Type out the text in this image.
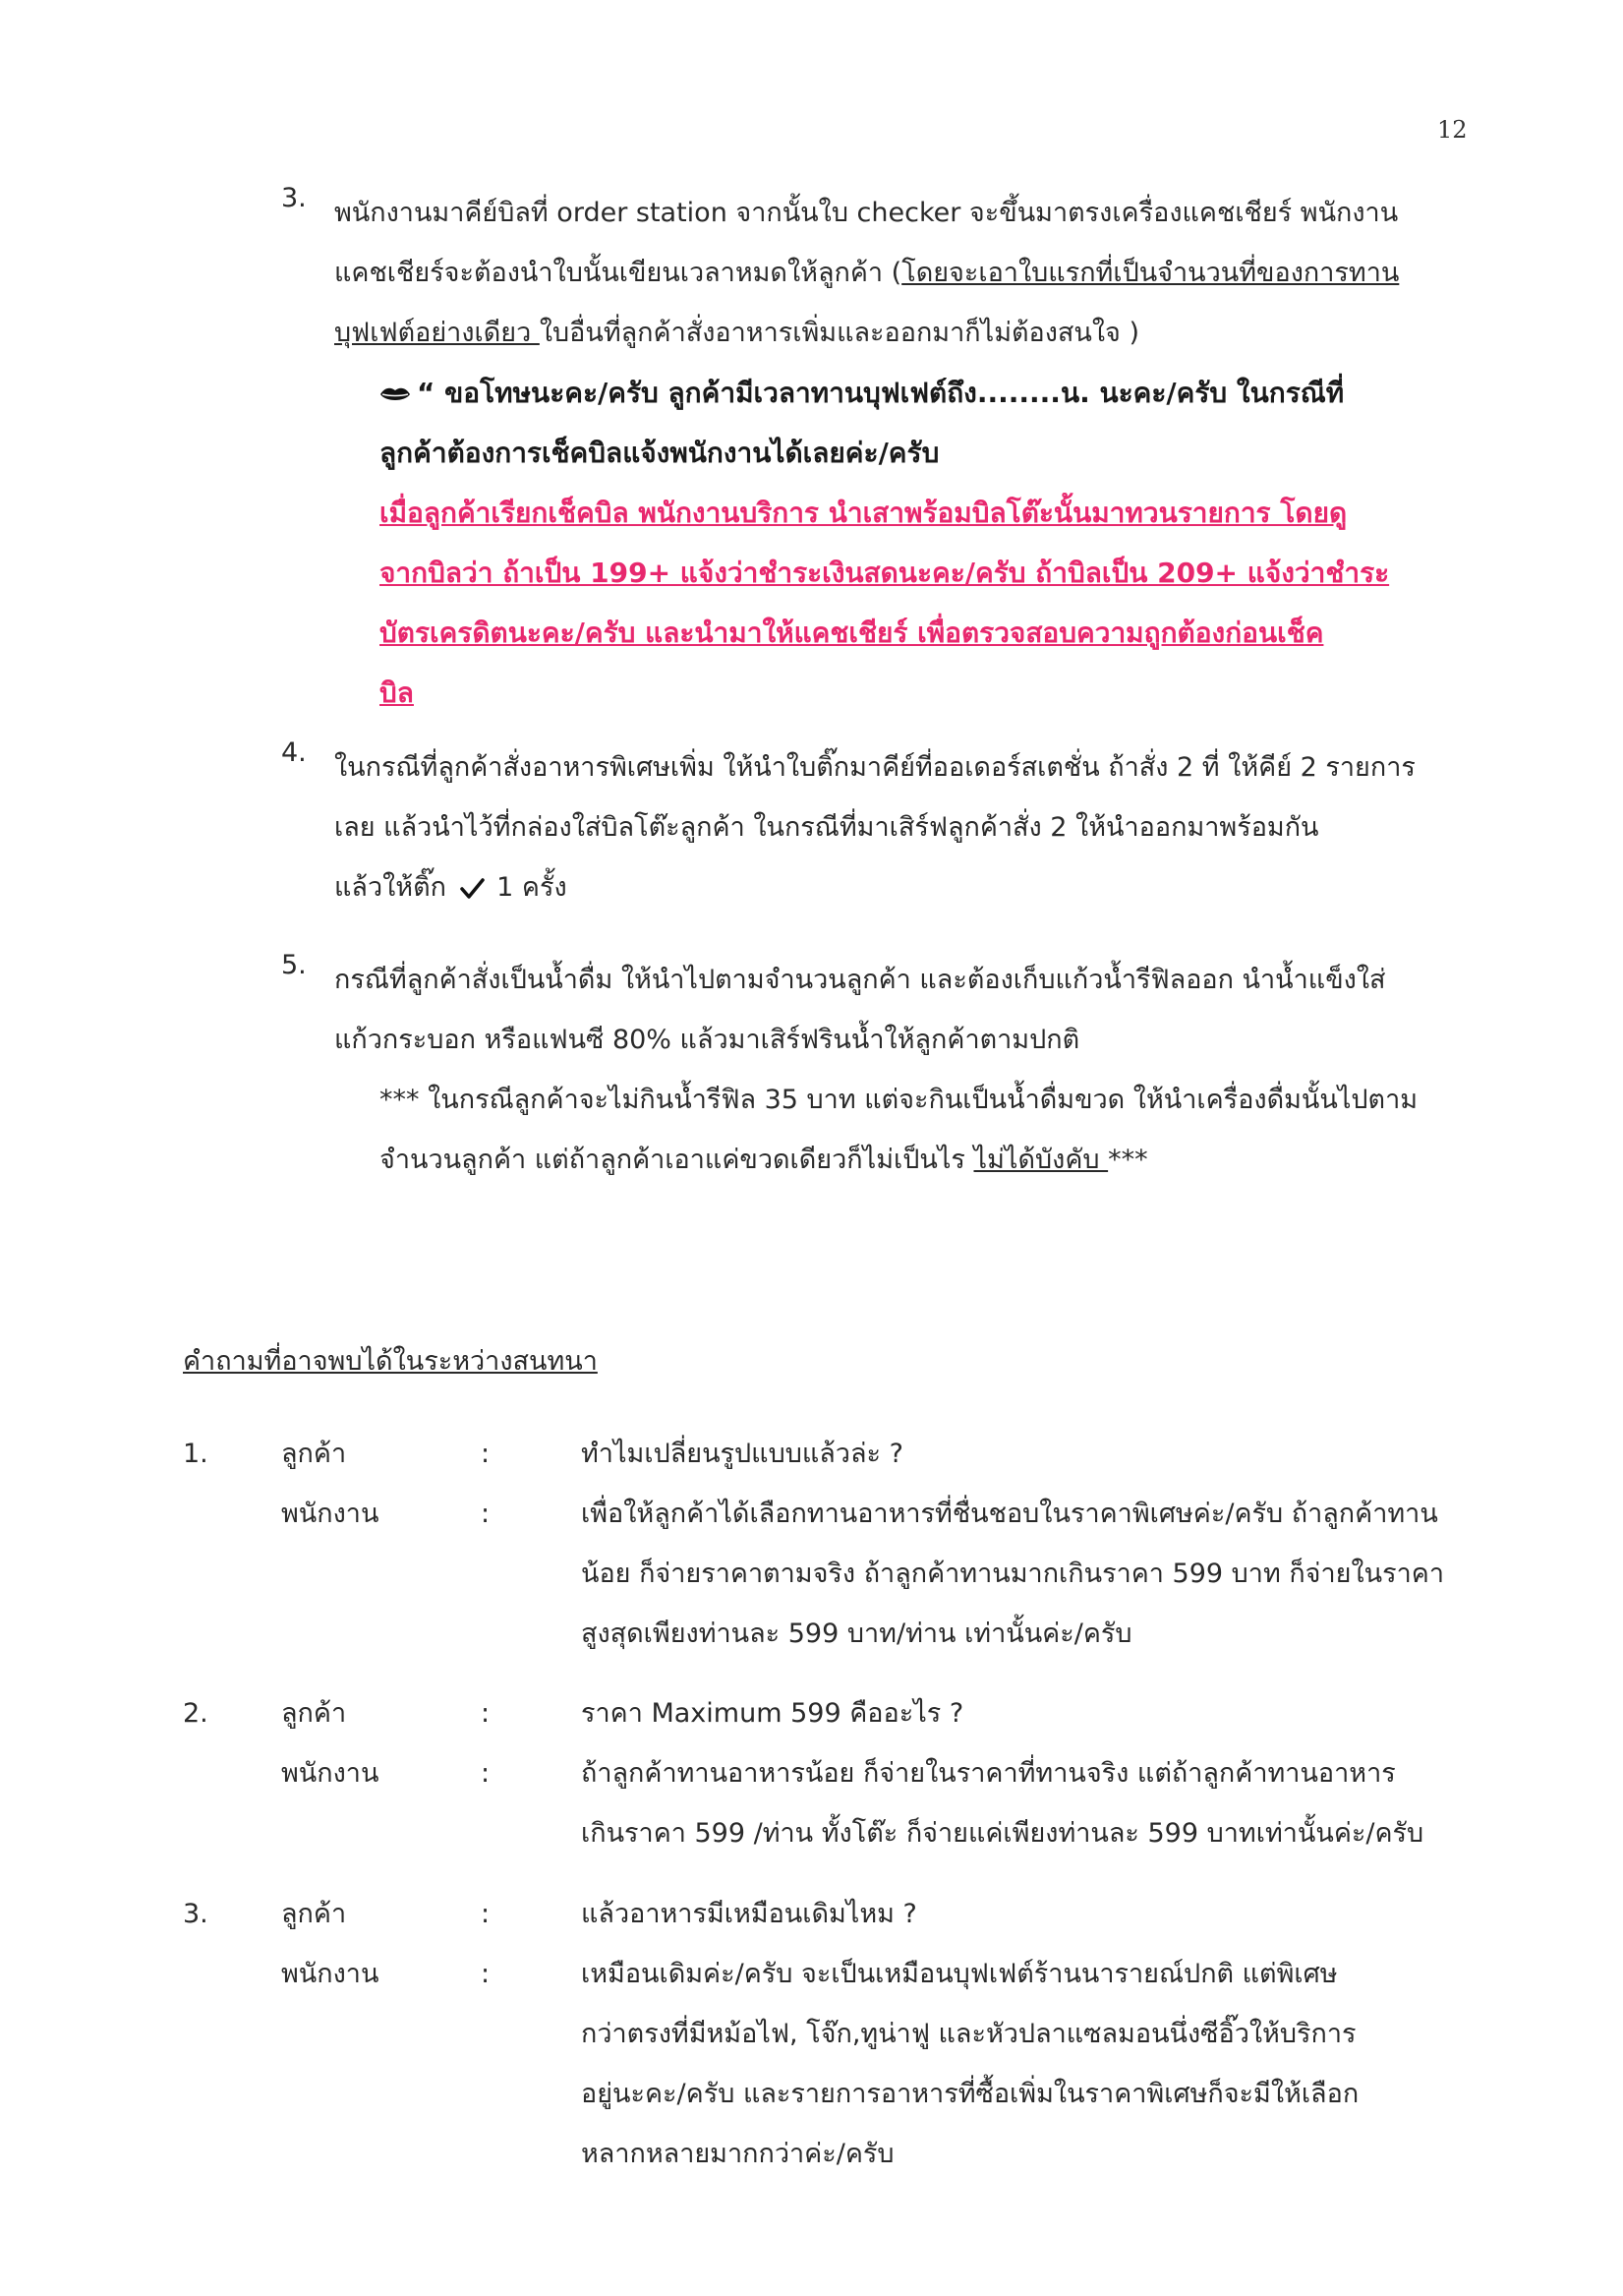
12
3. พนักงานมาคีย์บิลที่ order station จากนั้นใบ checker จะขึ้นมาตรงเครื่องแคชเชียร์ พนักงาน
แคชเชียร์จะต้องนำใบนั้นเขียนเวลาหมดให้ลูกค้า (โดยจะเอาใบแรกที่เป็นจำนวนที่ของการทาน
บุฟเฟต์อย่างเดียว ใบอื่นที่ลูกค้าสั่งอาหารเพิ่มและออกมาก็ไม่ต้องสนใจ )
“ ขอโทษนะคะ/ครับ ลูกค้ามีเวลาทานบุฟเฟต์ถึง........น. นะคะ/ครับ ในกรณีที่
ลูกค้าต้องการเช็คบิลแจ้งพนักงานได้เลยค่ะ/ครับ
เมื่อลูกค้าเรียกเช็คบิล พนักงานบริการ นำเสาพร้อมบิลโต๊ะนั้นมาทวนรายการ โดยดู
จากบิลว่า ถ้าเป็น 199+ แจ้งว่าชำระเงินสดนะคะ/ครับ ถ้าบิลเป็น 209+ แจ้งว่าชำระ
บัตรเครดิตนะคะ/ครับ และนำมาให้แคชเชียร์ เพื่อตรวจสอบความถูกต้องก่อนเช็ค
บิล
4. ในกรณีที่ลูกค้าสั่งอาหารพิเศษเพิ่ม ให้นำใบติ๊กมาคีย์ที่ออเดอร์สเตชั่น ถ้าสั่ง 2 ที่ ให้คีย์ 2 รายการ
เลย แล้วนำไว้ที่กล่องใส่บิลโต๊ะลูกค้า ในกรณีที่มาเสิร์ฟลูกค้าสั่ง 2 ให้นำออกมาพร้อมกัน
แล้วให้ติ๊ก 1 ครั้ง
5. กรณีที่ลูกค้าสั่งเป็นน้ำดื่ม ให้นำไปตามจำนวนลูกค้า และต้องเก็บแก้วน้ำรีฟิลออก นำน้ำแข็งใส่
แก้วกระบอก หรือแฟนซี 80% แล้วมาเสิร์ฟรินน้ำให้ลูกค้าตามปกติ
*** ในกรณีลูกค้าจะไม่กินน้ำรีฟิล 35 บาท แต่จะกินเป็นน้ำดื่มขวด ให้นำเครื่องดื่มนั้นไปตาม
จำนวนลูกค้า แต่ถ้าลูกค้าเอาแค่ขวดเดียวก็ไม่เป็นไร ไม่ได้บังคับ ***
คำถามที่อาจพบได้ในระหว่างสนทนา
1.	ลูกค้า	:	ทำไมเปลี่ยนรูปแบบแล้วล่ะ ?
พนักงาน	:	เพื่อให้ลูกค้าได้เลือกทานอาหารที่ชื่นชอบในราคาพิเศษค่ะ/ครับ ถ้าลูกค้าทาน
น้อย ก็จ่ายราคาตามจริง ถ้าลูกค้าทานมากเกินราคา 599 บาท ก็จ่ายในราคา
สูงสุดเพียงท่านละ 599 บาท/ท่าน เท่านั้นค่ะ/ครับ
2.	ลูกค้า	:	ราคา Maximum 599 คืออะไร ?
พนักงาน	:	ถ้าลูกค้าทานอาหารน้อย ก็จ่ายในราคาที่ทานจริง แต่ถ้าลูกค้าทานอาหาร
เกินราคา 599 /ท่าน ทั้งโต๊ะ ก็จ่ายแค่เพียงท่านละ 599 บาทเท่านั้นค่ะ/ครับ
3.	ลูกค้า	:	แล้วอาหารมีเหมือนเดิมไหม ?
พนักงาน	:	เหมือนเดิมค่ะ/ครับ จะเป็นเหมือนบุฟเฟต์ร้านนารายณ์ปกติ แต่พิเศษ
กว่าตรงที่มีหม้อไฟ, โจ๊ก,ทูน่าฟู และหัวปลาแซลมอนนึ่งซีอิ๊วให้บริการ
อยู่นะคะ/ครับ และรายการอาหารที่ซื้อเพิ่มในราคาพิเศษก็จะมีให้เลือก
หลากหลายมากกว่าค่ะ/ครับ
